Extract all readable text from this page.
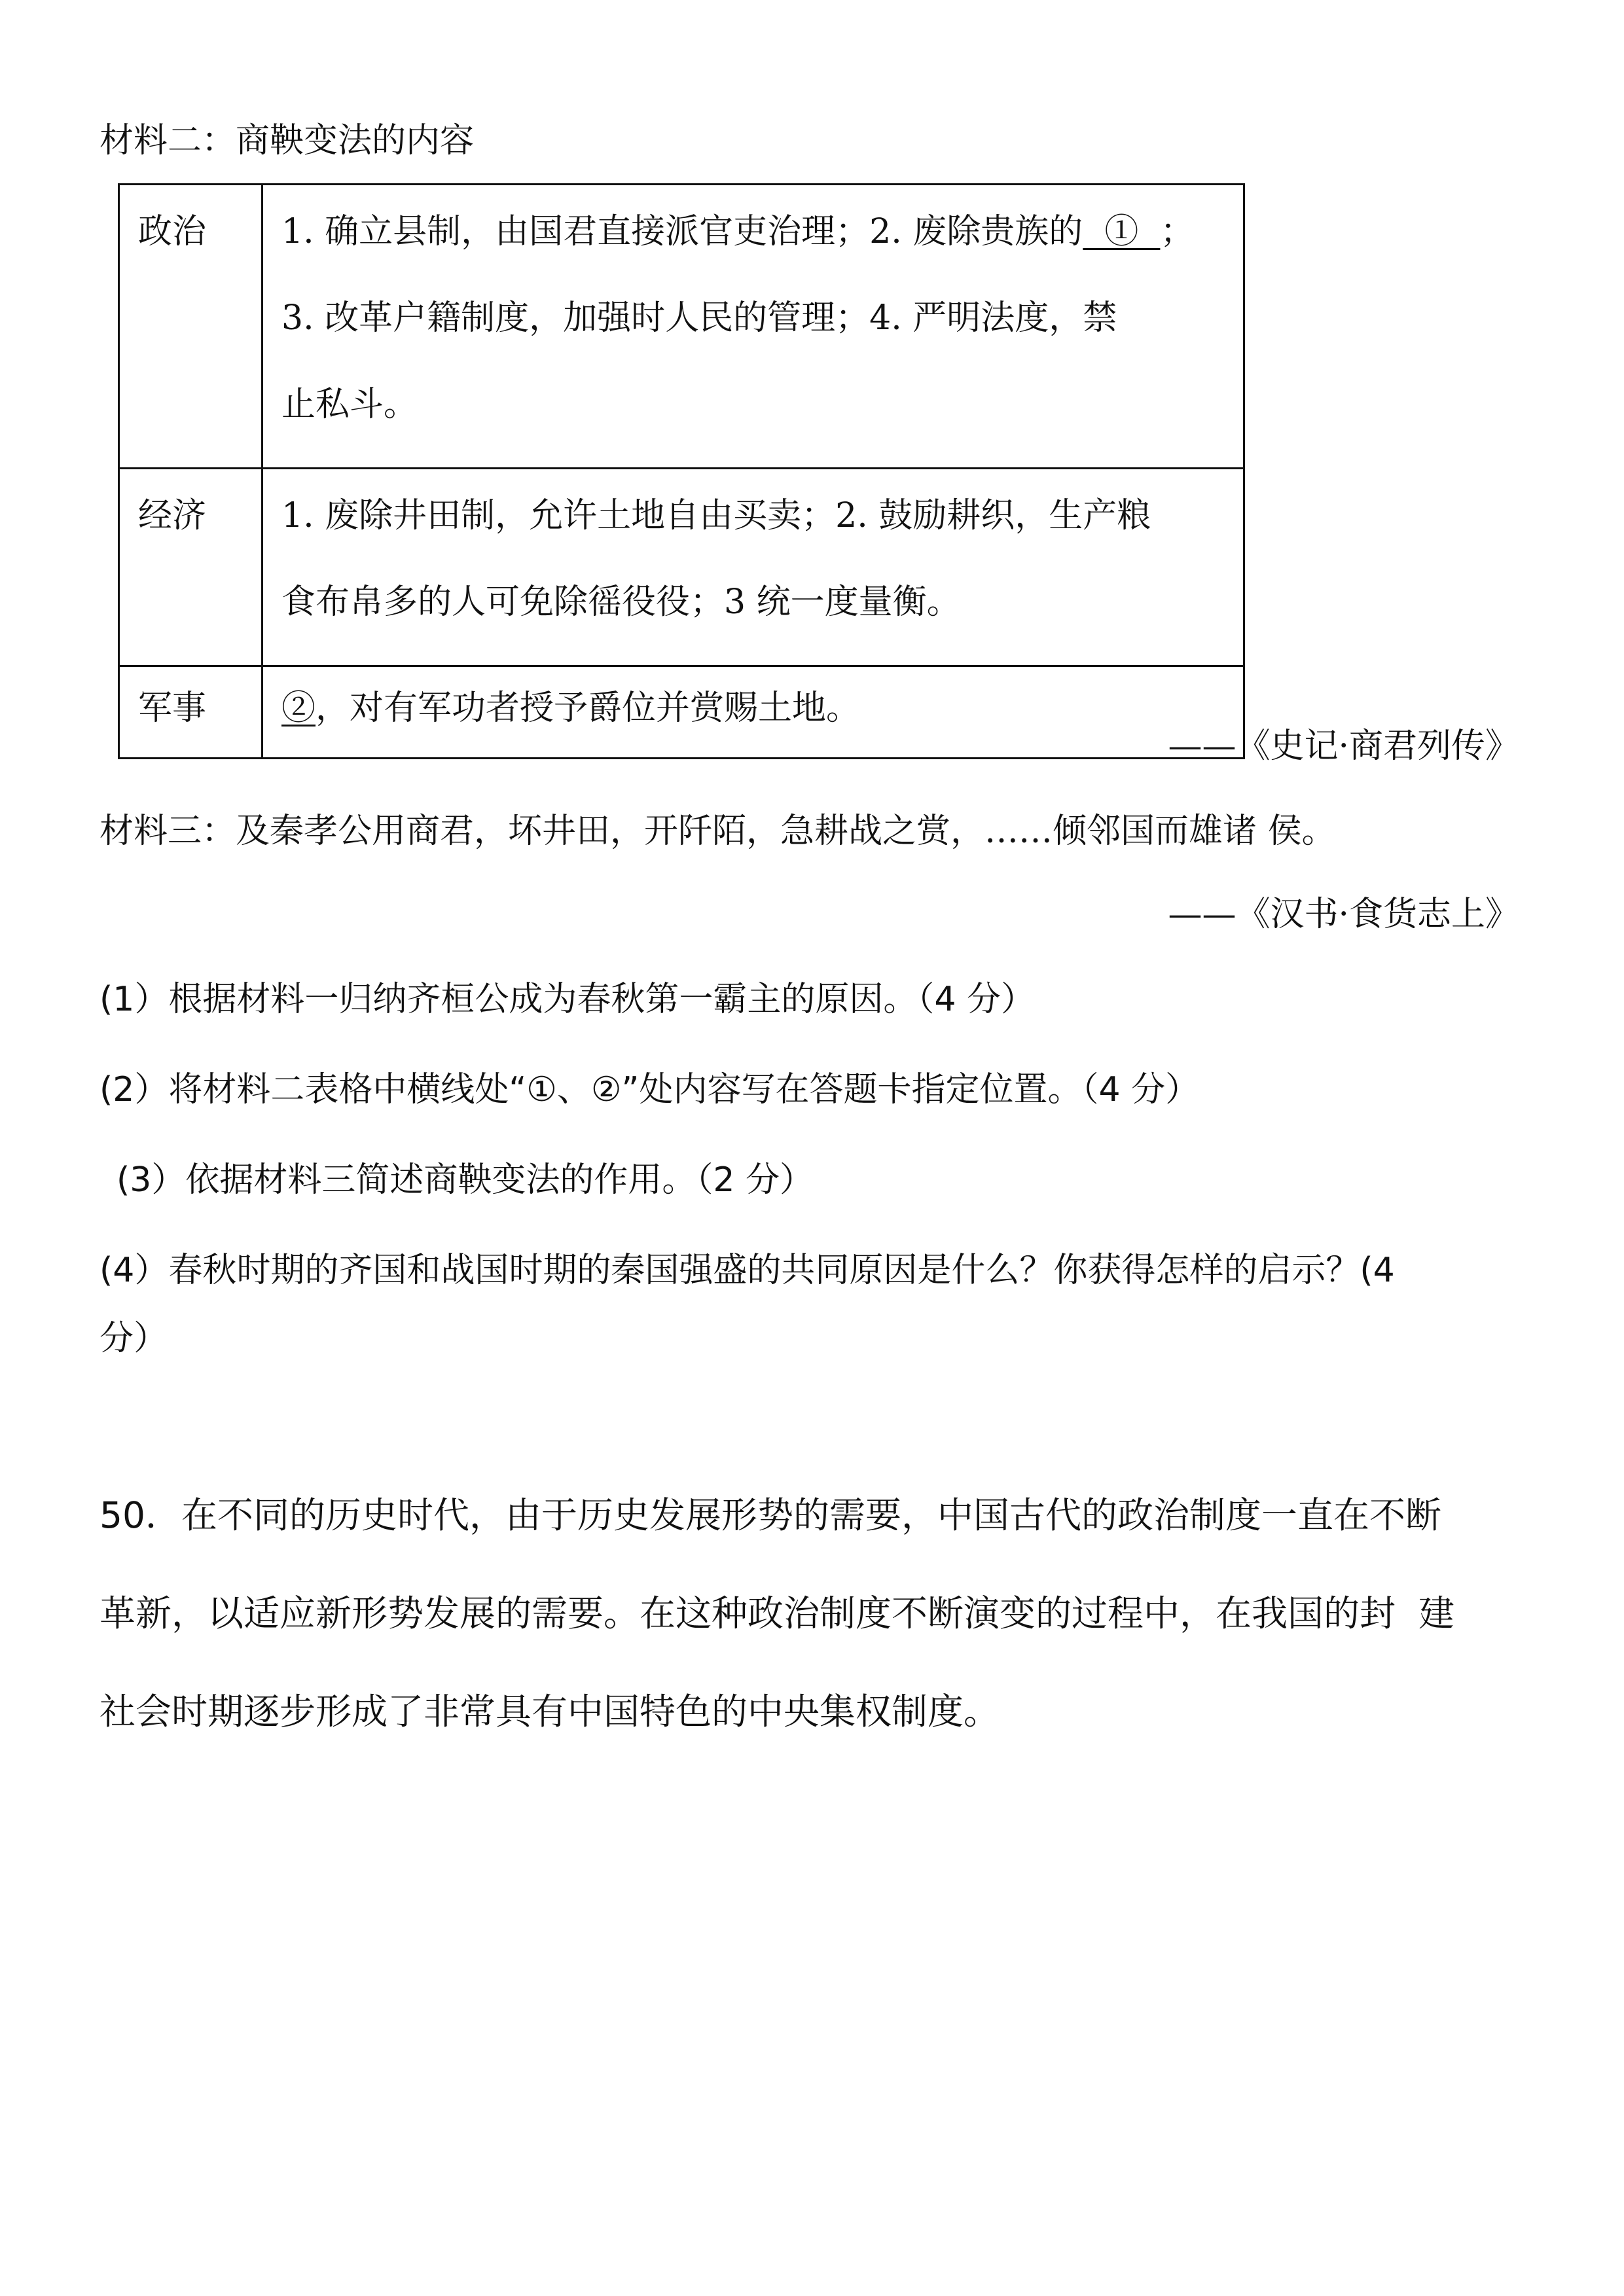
材料二：商鞅变法的内容
政治	1. 确立县制，由国君直接派官吏治理；2. 废除贵族的  ①  ；
3. 改革户籍制度，加强时人民的管理；4. 严明法度，禁
止私斗。

经济	1. 废除井田制，允许土地自由买卖；2. 鼓励耕织，生产粮
食布帛多的人可免除徭役役；3 统一度量衡。

军事	②，对有军功者授予爵位并赏赐土地。
——《史记·商君列传》
材料三：及秦孝公用商君，坏井田，开阡陌，急耕战之赏，……倾邻国而雄诸 侯。
——《汉书·食货志上》
(1）根据材料一归纳齐桓公成为春秋第一霸主的原因。（4 分）
(2）将材料二表格中横线处“①、②”处内容写在答题卡指定位置。（4 分）
(3）依据材料三简述商鞅变法的作用。（2 分）
(4）春秋时期的齐国和战国时期的秦国强盛的共同原因是什么？你获得怎样的启示？(4
分）
50．在不同的历史时代，由于历史发展形势的需要，中国古代的政治制度一直在不断
革新，以适应新形势发展的需要。在这种政治制度不断演变的过程中，在我国的封  建
社会时期逐步形成了非常具有中国特色的中央集权制度。
